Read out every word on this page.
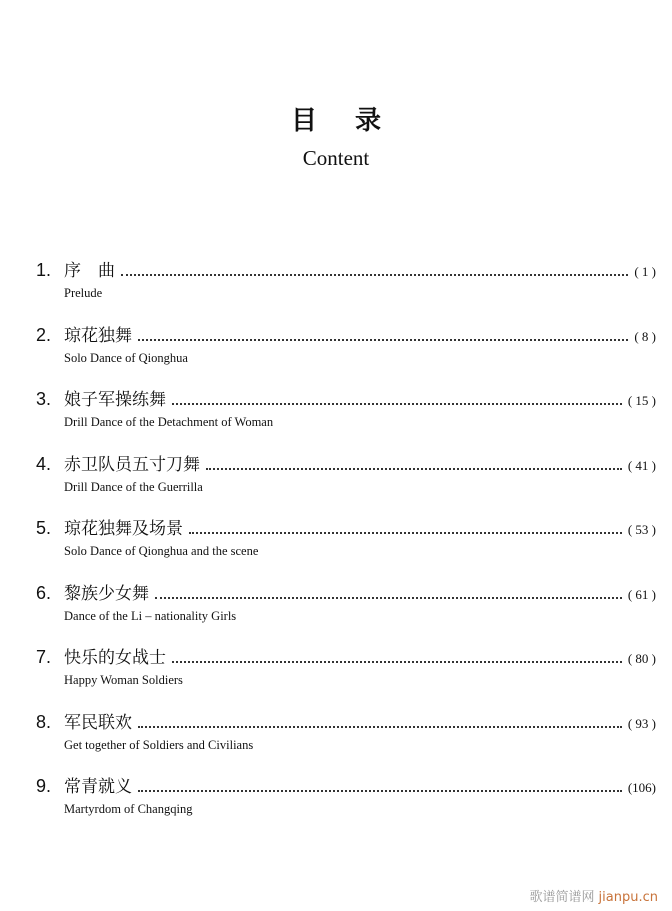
目录
Content
1. 序　曲	( 1 )
Prelude
2. 琼花独舞	( 8 )
Solo Dance of Qionghua
3. 娘子军操练舞	( 15 )
Drill Dance of the Detachment of Woman
4. 赤卫队员五寸刀舞	( 41 )
Drill Dance of the Guerrilla
5. 琼花独舞及场景	( 53 )
Solo Dance of Qionghua and the scene
6. 黎族少女舞	( 61 )
Dance of the Li – nationality Girls
7. 快乐的女战士	( 80 )
Happy Woman Soldiers
8. 军民联欢	( 93 )
Get together of Soldiers and Civilians
9. 常青就义	(106)
Martyrdom of Changqing
歌谱简谱网 jianpu.cn
